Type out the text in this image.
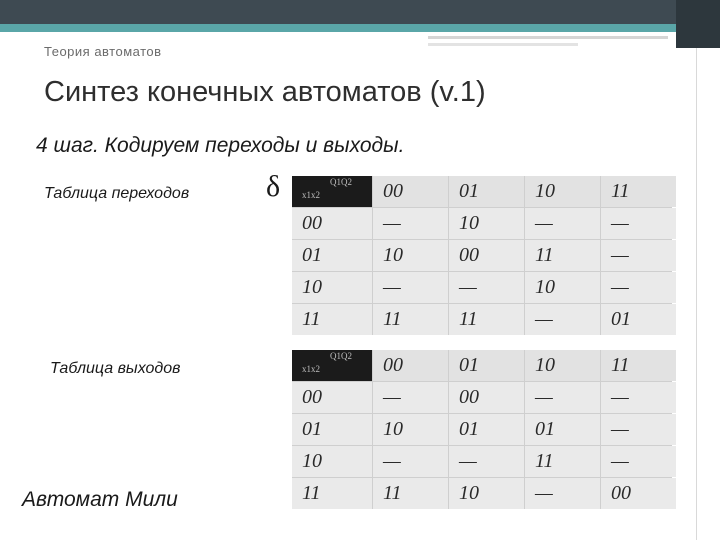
Теория автоматов
Синтез конечных автоматов (v.1)
4 шаг. Кодируем переходы и выходы.
Таблица переходов	δ	Q1Q2
x1x2	00	01	10	11
00	—	10	—	—
01	10	00	11	—
10	—	—	10	—
11	11	11	—	01
Таблица выходов
Q1Q2
x1x2	00	01	10	11
00	—	00	—	—
01	10	01	01	—
10	—	—	11	—
11	11	10	—	00
Автомат Мили
